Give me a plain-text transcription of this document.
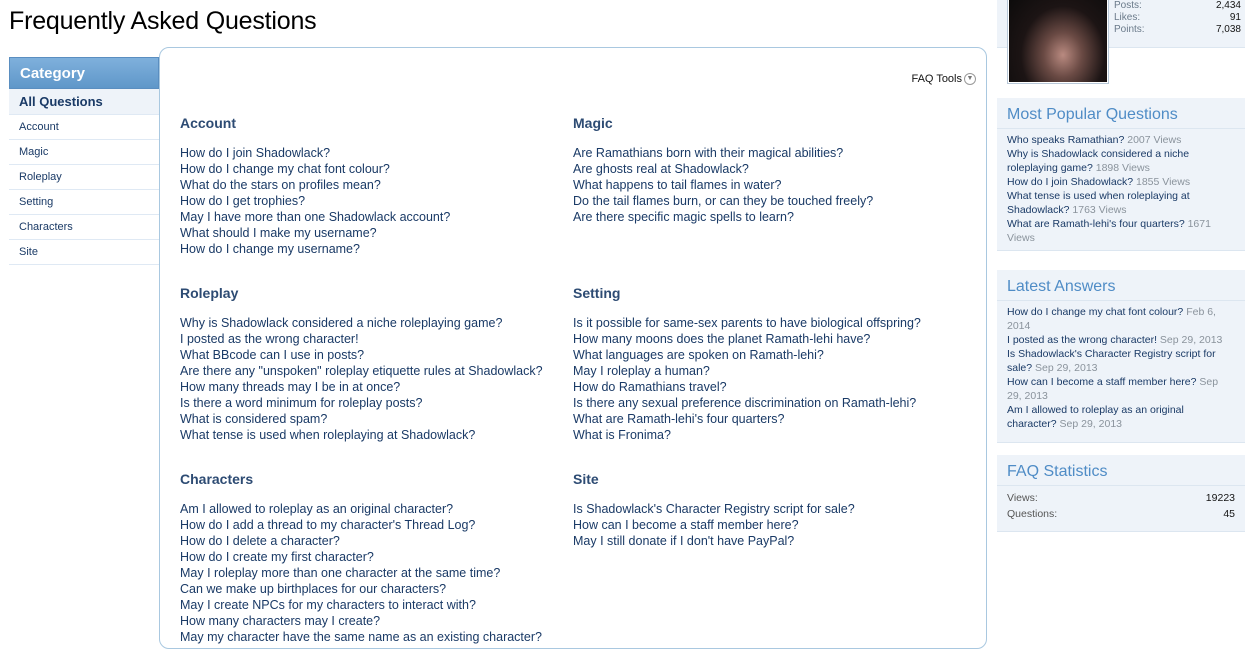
Frequently Asked Questions
Category
All Questions
Account
Magic
Roleplay
Setting
Characters
Site
FAQ Tools ▼
Account
How do I join Shadowlack?
How do I change my chat font colour?
What do the stars on profiles mean?
How do I get trophies?
May I have more than one Shadowlack account?
What should I make my username?
How do I change my username?
Magic
Are Ramathians born with their magical abilities?
Are ghosts real at Shadowlack?
What happens to tail flames in water?
Do the tail flames burn, or can they be touched freely?
Are there specific magic spells to learn?
Roleplay
Why is Shadowlack considered a niche roleplaying game?
I posted as the wrong character!
What BBcode can I use in posts?
Are there any "unspoken" roleplay etiquette rules at Shadowlack?
How many threads may I be in at once?
Is there a word minimum for roleplay posts?
What is considered spam?
What tense is used when roleplaying at Shadowlack?
Setting
Is it possible for same-sex parents to have biological offspring?
How many moons does the planet Ramath-lehi have?
What languages are spoken on Ramath-lehi?
May I roleplay a human?
How do Ramathians travel?
Is there any sexual preference discrimination on Ramath-lehi?
What are Ramath-lehi's four quarters?
What is Fronima?
Characters
Am I allowed to roleplay as an original character?
How do I add a thread to my character's Thread Log?
How do I delete a character?
How do I create my first character?
May I roleplay more than one character at the same time?
Can we make up birthplaces for our characters?
May I create NPCs for my characters to interact with?
How many characters may I create?
May my character have the same name as an existing character?
Site
Is Shadowlack's Character Registry script for sale?
How can I become a staff member here?
May I still donate if I don't have PayPal?
Posts:	2,434
Likes:	91
Points:	7,038
Most Popular Questions
Who speaks Ramathian? 2007 Views
Why is Shadowlack considered a niche roleplaying game? 1898 Views
How do I join Shadowlack? 1855 Views
What tense is used when roleplaying at Shadowlack? 1763 Views
What are Ramath-lehi's four quarters? 1671 Views
Latest Answers
How do I change my chat font colour? Feb 6, 2014
I posted as the wrong character! Sep 29, 2013
Is Shadowlack's Character Registry script for sale? Sep 29, 2013
How can I become a staff member here? Sep 29, 2013
Am I allowed to roleplay as an original character? Sep 29, 2013
FAQ Statistics
Views:	19223
Questions:	45
